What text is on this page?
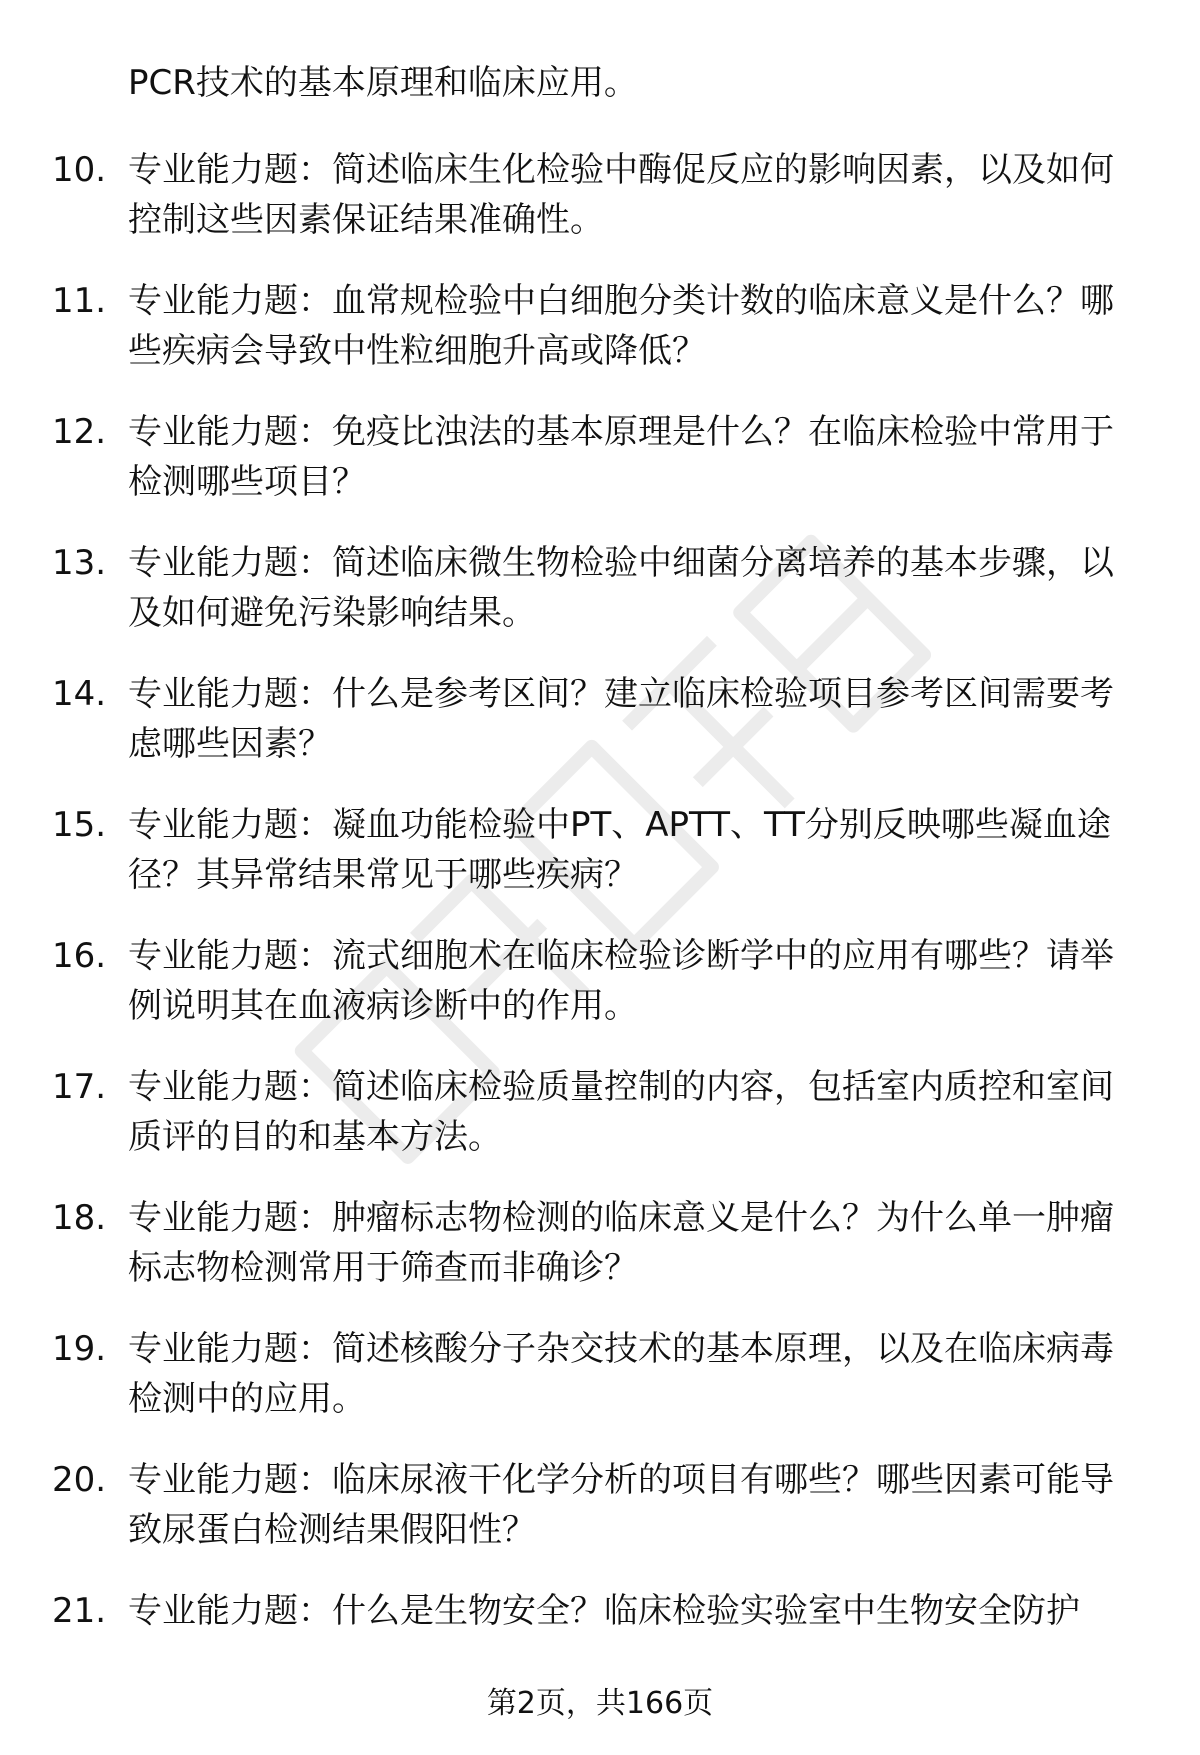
PCR技术的基本原理和临床应用。
10. 专业能力题：简述临床生化检验中酶促反应的影响因素，以及如何控制这些因素保证结果准确性。
11. 专业能力题：血常规检验中白细胞分类计数的临床意义是什么？哪些疾病会导致中性粒细胞升高或降低？
12. 专业能力题：免疫比浊法的基本原理是什么？在临床检验中常用于检测哪些项目？
13. 专业能力题：简述临床微生物检验中细菌分离培养的基本步骤，以及如何避免污染影响结果。
14. 专业能力题：什么是参考区间？建立临床检验项目参考区间需要考虑哪些因素？
15. 专业能力题：凝血功能检验中PT、APTT、TT分别反映哪些凝血途径？其异常结果常见于哪些疾病？
16. 专业能力题：流式细胞术在临床检验诊断学中的应用有哪些？请举例说明其在血液病诊断中的作用。
17. 专业能力题：简述临床检验质量控制的内容，包括室内质控和室间质评的目的和基本方法。
18. 专业能力题：肿瘤标志物检测的临床意义是什么？为什么单一肿瘤标志物检测常用于筛查而非确诊？
19. 专业能力题：简述核酸分子杂交技术的基本原理，以及在临床病毒检测中的应用。
20. 专业能力题：临床尿液干化学分析的项目有哪些？哪些因素可能导致尿蛋白检测结果假阳性？
21. 专业能力题：什么是生物安全？临床检验实验室中生物安全防护
第2页，共166页
